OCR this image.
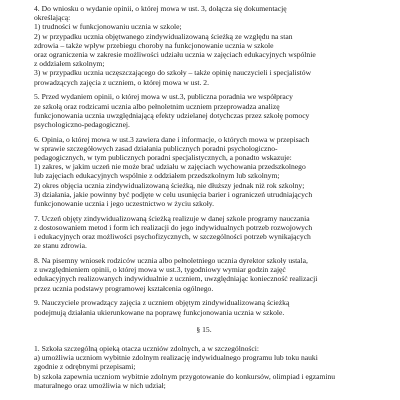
4. Do wniosku o wydanie opinii, o której mowa w ust. 3, dołącza się dokumentację
określającą:
1) trudności w funkcjonowaniu ucznia w szkole;
2) w przypadku ucznia objętwanego zindywidualizowaną ścieżką ze względu na stan
zdrowia – także wpływ przebiegu choroby na funkcjonowanie ucznia w szkole
oraz ograniczenia w zakresie możliwości udziału ucznia w zajęciach edukacyjnych wspólnie
z oddziałem szkolnym;
3) w przypadku ucznia uczęszczającego do szkoły – także opinię nauczycieli i specjalistów
prowadzących zajęcia z uczniem, o której mowa w ust. 2.
5. Przed wydaniem opinii, o której mowa w ust.3, publiczna poradnia we współpracy
ze szkołą oraz rodzicami ucznia albo pełnoletnim uczniem przeprowadza analizę
funkcjonowania ucznia uwzględniającą efekty udzielanej dotychczas przez szkołę pomocy
psychologiczno-pedagogicznej.
6. Opinia, o której mowa w ust.3 zawiera dane i informacje, o których mowa w przepisach
w sprawie szczegółowych zasad działania publicznych poradni psychologiczno-
pedagogicznych, w tym publicznych poradni specjalistycznych, a ponadto wskazuje:
1) zakres, w jakim uczeń nie może brać udziału w zajęciach wychowania przedszkolnego
lub zajęciach edukacyjnych wspólnie z oddziałem przedszkolnym lub szkolnym;
2) okres objęcia ucznia zindywidualizowaną ścieżką, nie dłuższy jednak niż rok szkolny;
3) działania, jakie powinny być podjęte w celu usunięcia barier i ograniczeń utrudniających
funkcjonowanie ucznia i jego uczestnictwo w życiu szkoły.
7. Uczeń objęty zindywidualizowaną ścieżką realizuje w danej szkole programy nauczania
z dostosowaniem metod i form ich realizacji do jego indywidualnych potrzeb rozwojowych
i edukacyjnych oraz możliwości psychofizycznych, w szczególności potrzeb wynikających
ze stanu zdrowia.
8. Na pisemny wniosek rodziców ucznia albo pełnoletniego ucznia dyrektor szkoły ustala,
z uwzględnieniem opinii, o której mowa w ust.3, tygodniowy wymiar godzin zajęć
edukacyjnych realizowanych indywidualnie z uczniem, uwzględniając konieczność realizacji
przez ucznia podstawy programowej kształcenia ogólnego.
9. Nauczyciele prowadzący zajęcia z uczniem objętym zindywidualizowaną ścieżką
podejmują działania ukierunkowane na poprawę funkcjonowania ucznia w szkole.
§ 15.
1. Szkoła szczególną opieką otacza uczniów zdolnych, a w szczególności:
a) umożliwia uczniom wybitnie zdolnym realizację indywidualnego programu lub toku nauki
zgodnie z odrębnymi przepisami;
b) szkoła zapewnia uczniom wybitnie zdolnym przygotowanie do konkursów, olimpiad i egzaminu
maturalnego oraz umożliwia w nich udział;
